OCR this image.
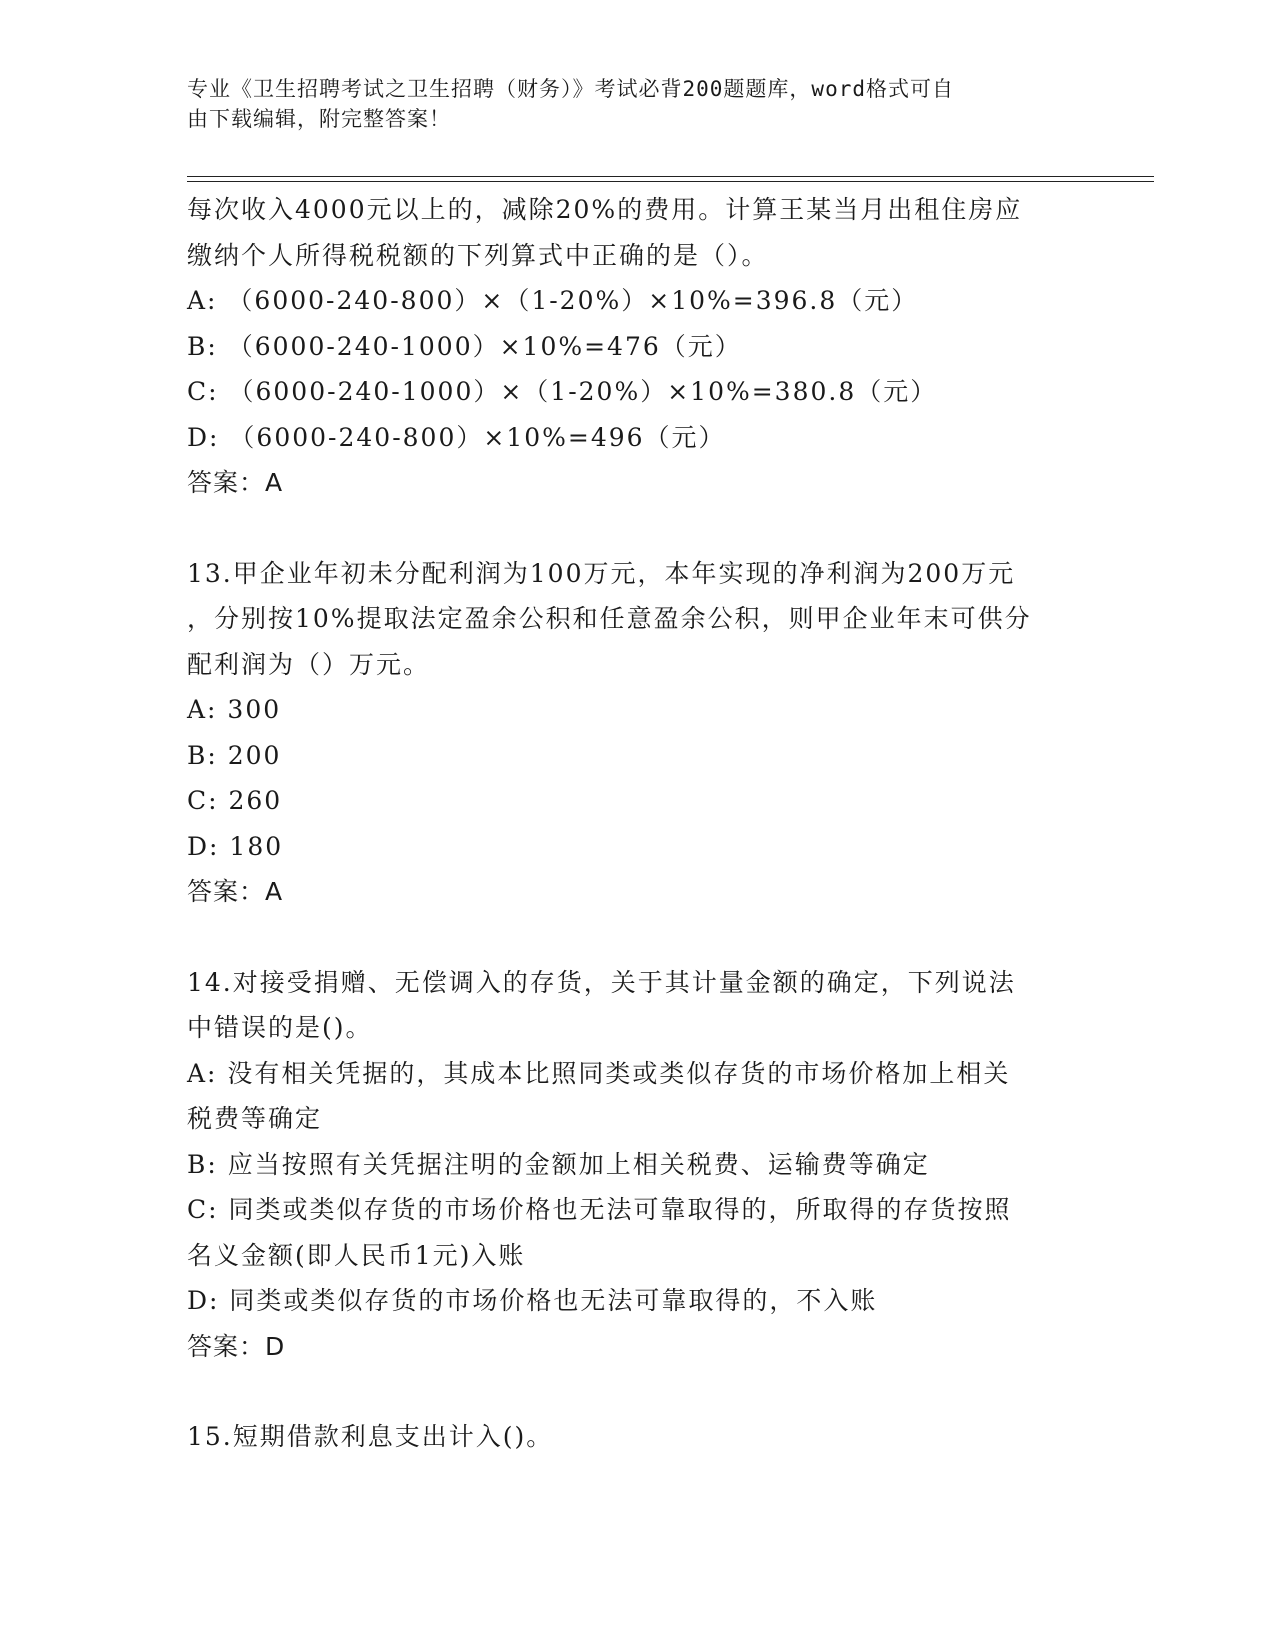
专业《卫生招聘考试之卫生招聘（财务）》考试必背200题题库，word格式可自
由下载编辑，附完整答案！
每次收入4000元以上的，减除20%的费用。计算王某当月出租住房应
缴纳个人所得税税额的下列算式中正确的是（）。
A: （6000-240-800）×（1-20%）×10%=396.8（元）
B: （6000-240-1000）×10%=476（元）
C: （6000-240-1000）×（1-20%）×10%=380.8（元）
D: （6000-240-800）×10%=496（元）
答案：A
13.甲企业年初未分配利润为100万元，本年实现的净利润为200万元
，分别按10%提取法定盈余公积和任意盈余公积，则甲企业年末可供分
配利润为（）万元。
A: 300
B: 200
C: 260
D: 180
答案：A
14.对接受捐赠、无偿调入的存货，关于其计量金额的确定，下列说法
中错误的是()。
A: 没有相关凭据的，其成本比照同类或类似存货的市场价格加上相关
税费等确定
B: 应当按照有关凭据注明的金额加上相关税费、运输费等确定
C: 同类或类似存货的市场价格也无法可靠取得的，所取得的存货按照
名义金额(即人民币1元)入账
D: 同类或类似存货的市场价格也无法可靠取得的，不入账
答案：D
15.短期借款利息支出计入()。
